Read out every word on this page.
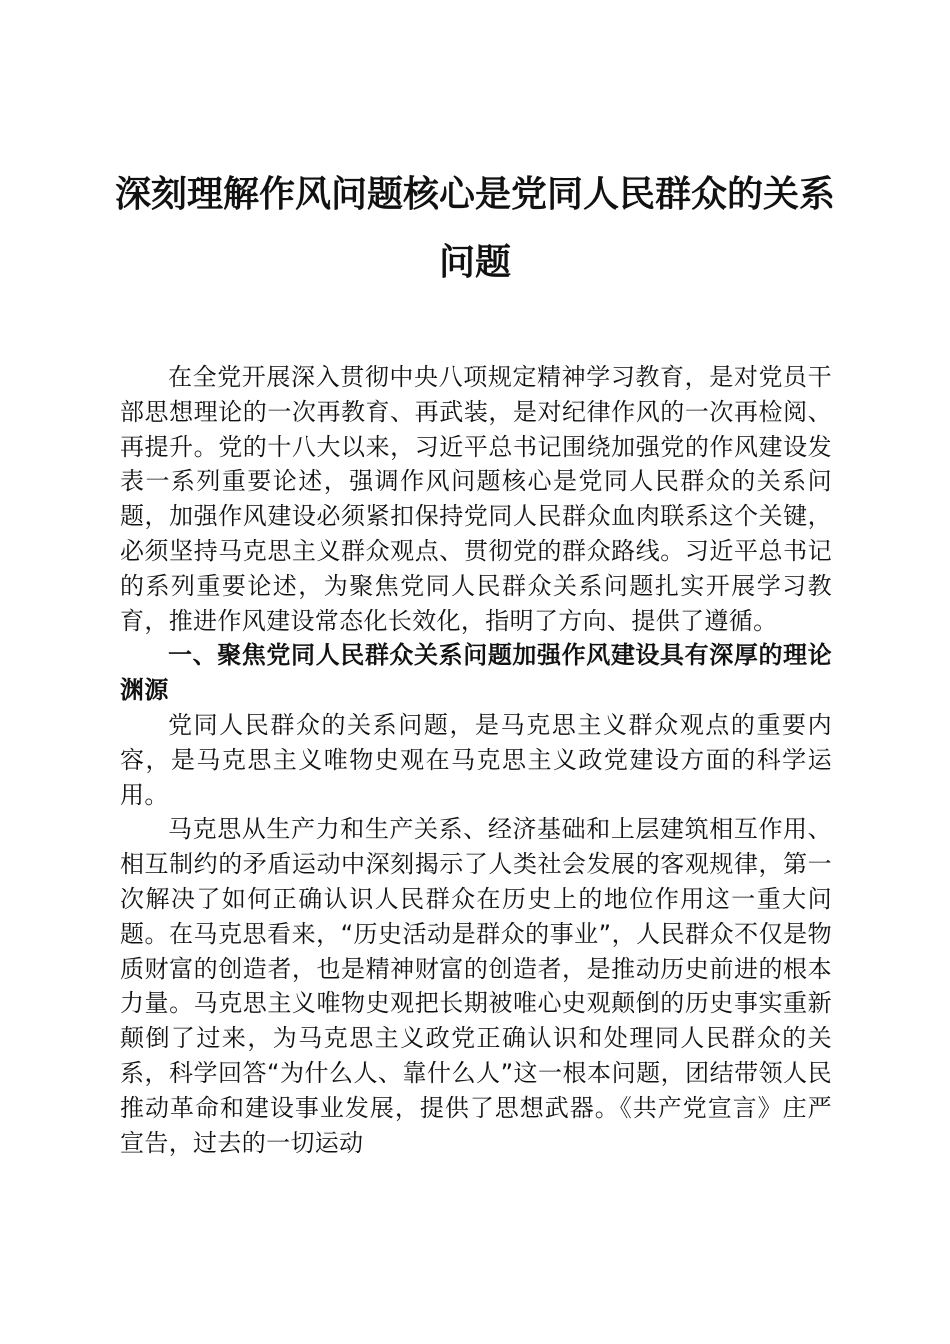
深刻理解作风问题核心是党同人民群众的关系
问题

在全党开展深入贯彻中央八项规定精神学习教育，是对党员干部思想理论的一次再教育、再武装，是对纪律作风的一次再检阅、再提升。党的十八大以来，习近平总书记围绕加强党的作风建设发表一系列重要论述，强调作风问题核心是党同人民群众的关系问题，加强作风建设必须紧扣保持党同人民群众血肉联系这个关键，必须坚持马克思主义群众观点、贯彻党的群众路线。习近平总书记的系列重要论述，为聚焦党同人民群众关系问题扎实开展学习教育，推进作风建设常态化长效化，指明了方向、提供了遵循。

一、聚焦党同人民群众关系问题加强作风建设具有深厚的理论渊源

党同人民群众的关系问题，是马克思主义群众观点的重要内容，是马克思主义唯物史观在马克思主义政党建设方面的科学运用。

马克思从生产力和生产关系、经济基础和上层建筑相互作用、相互制约的矛盾运动中深刻揭示了人类社会发展的客观规律，第一次解决了如何正确认识人民群众在历史上的地位作用这一重大问题。在马克思看来，“历史活动是群众的事业”，人民群众不仅是物质财富的创造者，也是精神财富的创造者，是推动历史前进的根本力量。马克思主义唯物史观把长期被唯心史观颠倒的历史事实重新颠倒了过来，为马克思主义政党正确认识和处理同人民群众的关系，科学回答“为什么人、靠什么人”这一根本问题，团结带领人民推动革命和建设事业发展，提供了思想武器。《共产党宣言》庄严宣告，过去的一切运动
